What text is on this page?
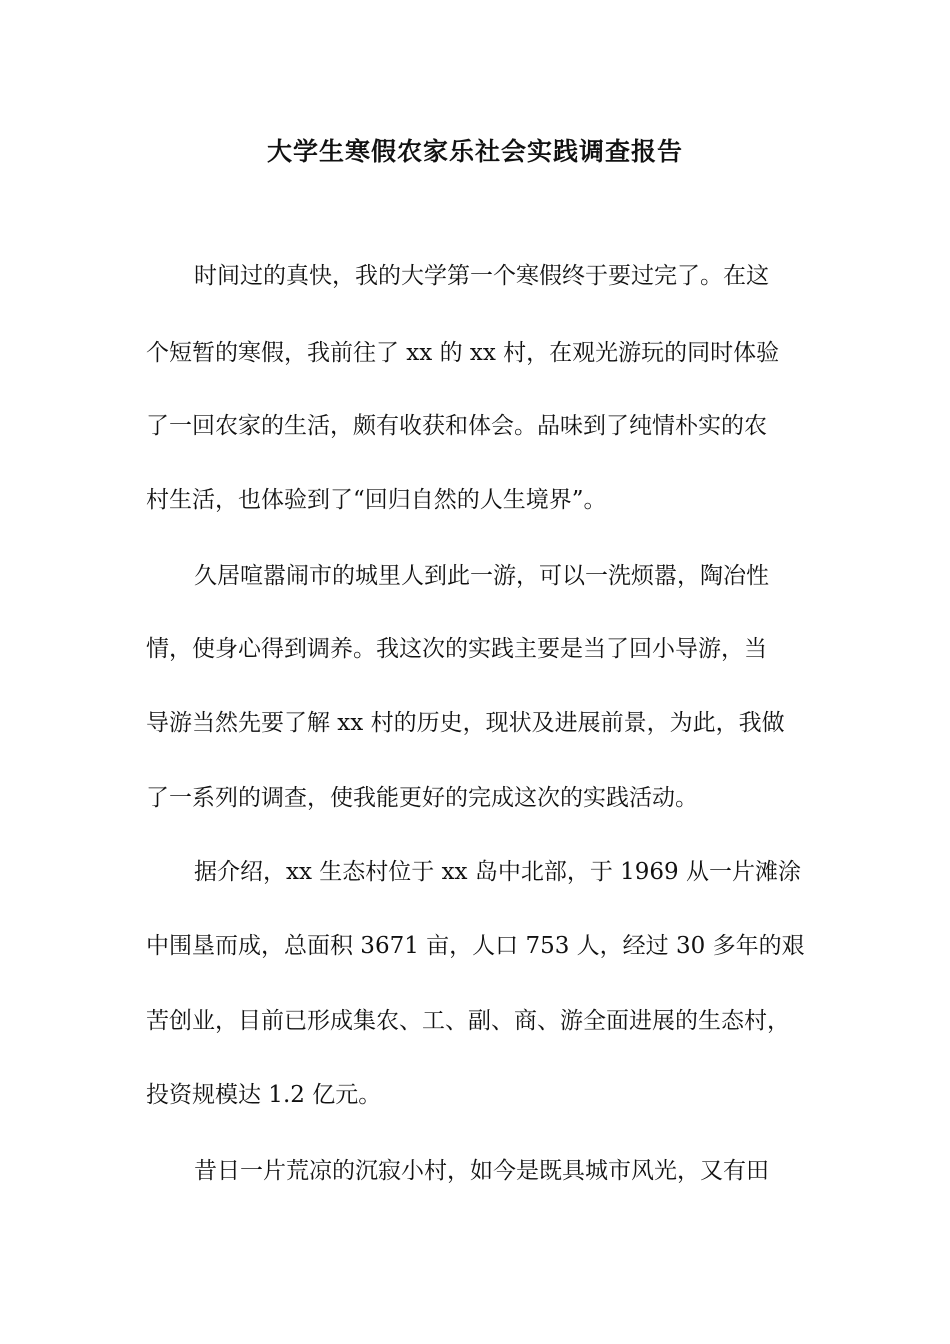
大学生寒假农家乐社会实践调查报告

时间过的真快，我的大学第一个寒假终于要过完了。在这

个短暂的寒假，我前往了 xx 的 xx 村，在观光游玩的同时体验

了一回农家的生活，颇有收获和体会。品味到了纯情朴实的农

村生活，也体验到了“回归自然的人生境界”。

久居喧嚣闹市的城里人到此一游，可以一洗烦嚣，陶冶性

情，使身心得到调养。我这次的实践主要是当了回小导游，当

导游当然先要了解 xx 村的历史，现状及进展前景，为此，我做

了一系列的调查，使我能更好的完成这次的实践活动。

据介绍，xx 生态村位于 xx 岛中北部，于 1969 从一片滩涂

中围垦而成，总面积 3671 亩，人口 753 人，经过 30 多年的艰

苦创业，目前已形成集农、工、副、商、游全面进展的生态村，

投资规模达 1.2 亿元。

昔日一片荒凉的沉寂小村，如今是既具城市风光，又有田
